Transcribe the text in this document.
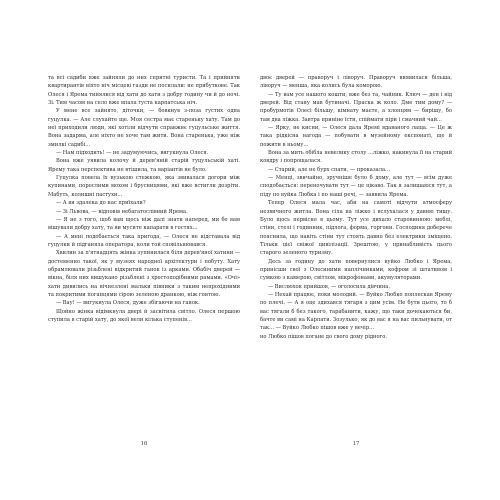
та всі садиби вже зайняли до них спритні туристи. Та і прийняти квартирантів ніхто ніч місцеві газди не посилали: не прибуткове. Так Олеся і Ярема тинялися від хати до хати з добру годину чи й до ночі. Зі. Тим часом на село вже впала густа карпатська ніч.

У мене все зайнято, діточки, — бовкнув з-поза густих одна гуцулка. — Але слухайте ще. Моя сестра має стареньку хату. Там до неї приходили люди, які хотіли відчути справжнє гуцульське життя. Вона задарма, але ніхто не хоче там жити. Вона старенька, уже ніж змилкі садибі...

— Нам підходить! — не задумуючись, вигукнула Олеся.

Вона вже уявила колочу й дерев'яній старій гуцульській хаті. Ярему така перспектива не втішила, та варіантів не було.

Гуцулка повела їх вузькою стежкою, яка звивалася догори між купинами, порослими мохом і брусницями, які вже встигли дозріти. Мабуть, колишні пастухи...

— А ви здалека до нас приїхали?

— Зі Львова, — відповів небагатослівний Ярема.

— Я не з того, щоб вам щось ніж далі знати наперед, ми бо вам вішували добру хату, та ви мусите капарати в гостях...

— А мені подобається така пригода, — Олеся не відставала від гуцулки й підганяла оператора, коли той сповільнювався.

Хвилин за п'ятнадцять жінка зупинилася біля дерев'яної хатини — достеменно такої, як у музеях народної архітектури і побуту. Хату обрамлювали різьблені відкритий ганок із арками. Обабіч дверей — вікна, біля них вишукано різьблені з хрестоподібними рамами. «Очі» хати дивились на вічнезлені мальки півники з таким непрохідними та покритими поганцями сірою зеленою дранкою, ніж гонтою.

— Вау! — вигукнула Олеся, дуже збігаючи на ганок.

Щойно жінка відімкнула двері й засвітила світло. Олеся першою ступила в старій хату, до якої вели кілька ступенів...

двоє дверей — праворуч і ліворуч. Праворуч виявилася більша, ліворуч — менша, яка колись була коморою.

— Ту вам усе нашого кошти, вже без та, чайник. Ключ — ден і від дверей. Від стану мав бутиначі. Праска ж коло. Дме тим дому? — пробурмотів Олесі більшу, кімнату маєте, а хлопцям — бирішу, бо там два ліжка. Завтра приніне їсти, спіймати піри і смачний чай...

— Ярку, не кисни, — Олеся дала Яремі вдаваного лаща. — Це ж така рідкісна нагода — побувати в музейному експонаті, ще й пожити в ньому...

Вона за мить обібла невелику столу ...ліжко, накинула її на старий ковдру і попрощалася.

— Старий, але не бурх спати, — проказала...

— Менці, звичайно, зручніше було б дому, але тут — всім дуже сподобається: переночувати тут — це цікаво. Так я залишаюся тут, а піду по вуйка Любка і по наші речі, — заявила Ярема.

Тепер Олеся мала час, аби на самоті відчути атмосферу незвичного житла. Вона сіла на ліжко і вслухалася у давню тишу. Було щось первісне в цьому. Тут усе дихало старовинною: меблі, стіни, стелі і годинник, підлога, форма, горгони. Господиня доберече пояснила, що навіть стіни тут стоять давно без електрики зміщено. Тільки цієї свіжої цивілізації. Зрештою, у принабливість цього старого зеленого туризму.

Десь за годину до хати повернулися вуйко Любко і Ярема, принісши свої з Олесиними наплічниками, кофром зі штативом і сумкою з камерою, світлом, мікрофонами, акумуляторами.

— Вислюхок прийшов, — оголосила дівчина.

— Нехай працює, поки молодий. — Вуйко Любко поплескав Ярему по плечі. — А я оце здихався тягаря з цим усім. Не бути цього, то б вас тягали б без такого, тарабанити, кажу, що таки дочекаються би, бачте ви самі на Карпати. Зозулько, як до вас я на вас пильнувати, от так... — Вуйко Любко пішов вже у вечір...

но Любко пішов погане до свого дому рідного.

16	17
